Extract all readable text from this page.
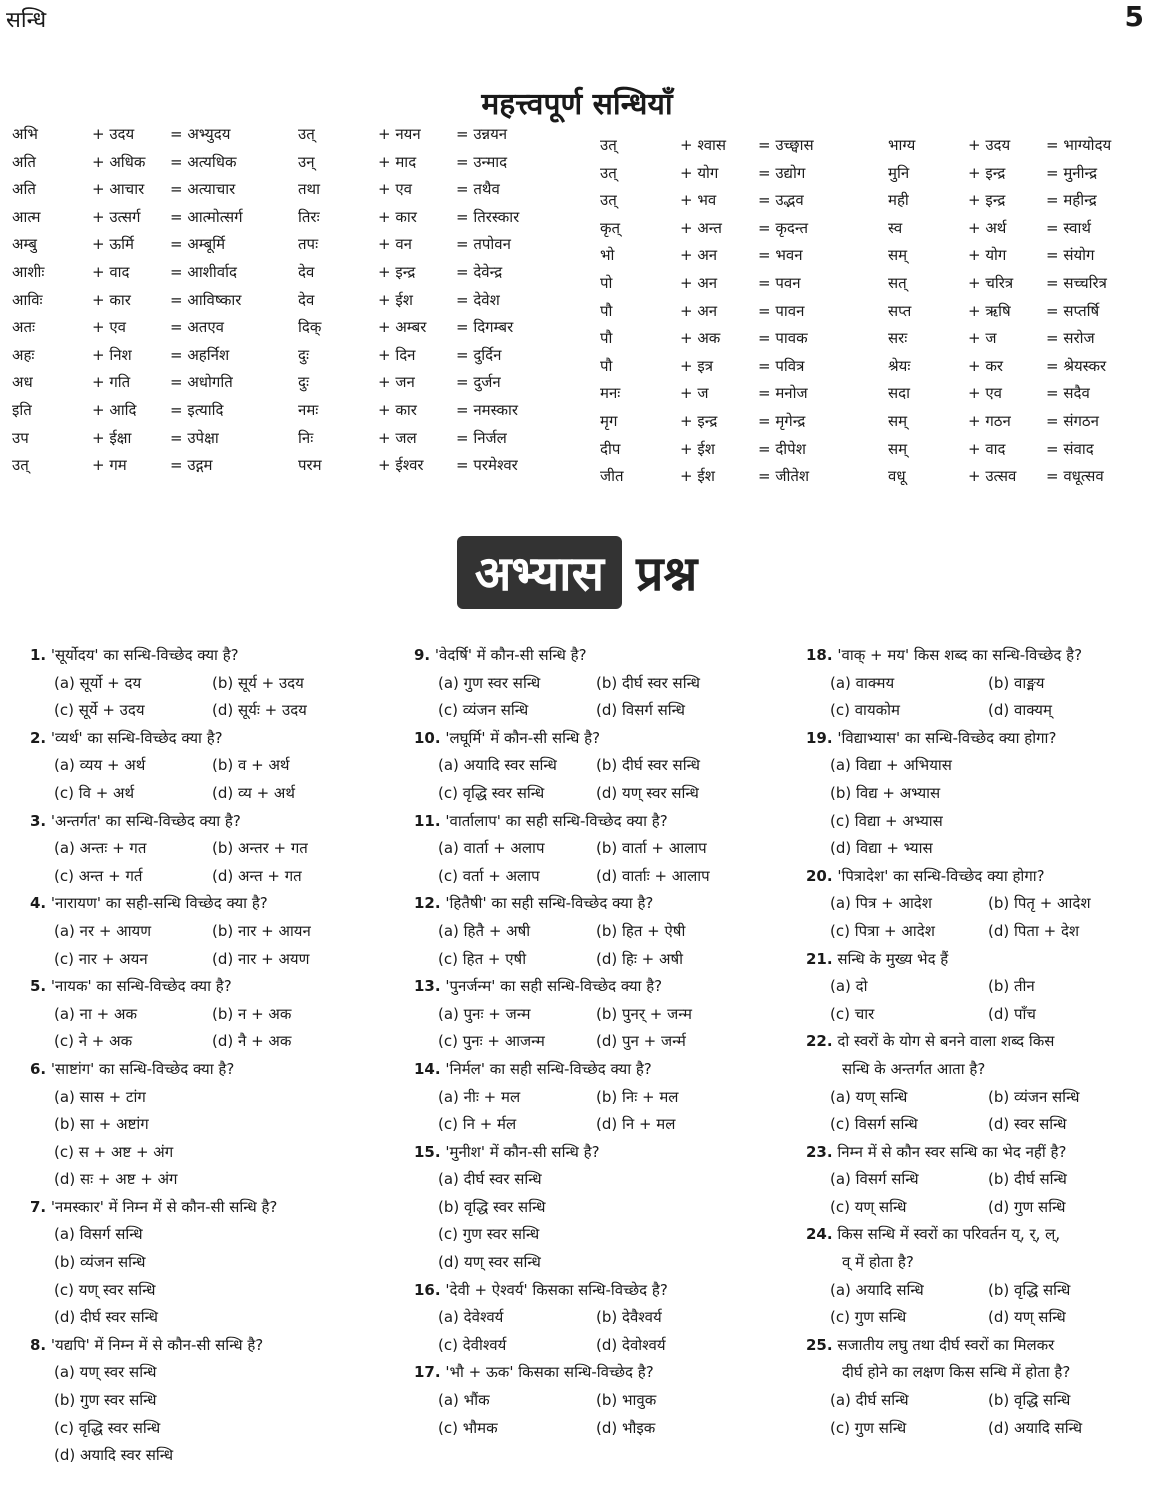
सन्धि	5
महत्त्वपूर्ण सन्धियाँ
अभि	+ उदय = अभ्युदय
अति	+ अधिक = अत्यधिक
अति	+ आचार = अत्याचार
आत्म	+ उत्सर्ग = आत्मोत्सर्ग
अम्बु	+ ऊर्मि = अम्बूर्मि
आशीः	+ वाद	= आशीर्वाद
आविः	+ कार	= आविष्कार
अतः	+ एव	= अतएव
अहः	+ निश	= अहर्निश
अध	+ गति	= अधोगति
इति	+ आदि = इत्यादि
उप	+ ईक्षा	= उपेक्षा
उत्	+ गम	= उद्गम
उत्	+ नयन = उन्नयन
उन्	+ माद	= उन्माद
तथा	+ एव	= तथैव
तिरः	+ कार	= तिरस्कार
तपः	+ वन	= तपोवन
देव	+ इन्द्र	= देवेन्द्र
देव	+ ईश	= देवेश
दिक्	+ अम्बर = दिगम्बर
दुः	+ दिन	= दुर्दिन
दुः	+ जन	= दुर्जन
नमः	+ कार	= नमस्कार
निः	+ जल	= निर्जल
परम	+ ईश्वर = परमेश्वर
उत्	+ श्वास = उच्छ्वास
उत्	+ योग	= उद्योग
उत्	+ भव	= उद्भव
कृत्	+ अन्त = कृदन्त
भो	+ अन	= भवन
पो	+ अन	= पवन
पौ	+ अन	= पावन
पौ	+ अक	= पावक
पौ	+ इत्र	= पवित्र
मनः	+ ज	= मनोज
मृग	+ इन्द्र	= मृगेन्द्र
दीप	+ ईश	= दीपेश
जीत	+ ईश	= जीतेश
भाग्य	+ उदय = भाग्योदय
मुनि	+ इन्द्र	= मुनीन्द्र
मही	+ इन्द्र	= महीन्द्र
स्व	+ अर्थ	= स्वार्थ
सम्	+ योग	= संयोग
सत्	+ चरित्र = सच्चरित्र
सप्त	+ ऋषि = सप्तर्षि
सरः	+ ज	= सरोज
श्रेयः	+ कर	= श्रेयस्कर
सदा	+ एव	= सदैव
सम्	+ गठन = संगठन
सम्	+ वाद	= संवाद
वधू	+ उत्सव = वधूत्सव
अभ्यास प्रश्न
1. 'सूर्योदय' का सन्धि-विच्छेद क्या है?
(a) सूर्यो + दय	(b) सूर्य + उदय
(c) सूर्ये + उदय	(d) सूर्यः + उदय
2. 'व्यर्थ' का सन्धि-विच्छेद क्या है?
(a) व्यय + अर्थ	(b) व + अर्थ
(c) वि + अर्थ	(d) व्य + अर्थ
3. 'अन्तर्गत' का सन्धि-विच्छेद क्या है?
(a) अन्तः + गत	(b) अन्तर + गत
(c) अन्त + गर्त	(d) अन्त + गत
4. 'नारायण' का सही-सन्धि विच्छेद क्या है?
(a) नर + आयण	(b) नार + आयन
(c) नार + अयन	(d) नार + अयण
5. 'नायक' का सन्धि-विच्छेद क्या है?
(a) ना + अक	(b) न + अक
(c) ने + अक	(d) नै + अक
6. 'साष्टांग' का सन्धि-विच्छेद क्या है?
(a) सास + टांग
(b) सा + अष्टांग
(c) स + अष्ट + अंग
(d) सः + अष्ट + अंग
7. 'नमस्कार' में निम्न में से कौन-सी सन्धि है?
(a) विसर्ग सन्धि
(b) व्यंजन सन्धि
(c) यण् स्वर सन्धि
(d) दीर्घ स्वर सन्धि
8. 'यद्यपि' में निम्न में से कौन-सी सन्धि है?
(a) यण् स्वर सन्धि
(b) गुण स्वर सन्धि
(c) वृद्धि स्वर सन्धि
(d) अयादि स्वर सन्धि
9. 'वेदर्षि' में कौन-सी सन्धि है?
(a) गुण स्वर सन्धि	(b) दीर्घ स्वर सन्धि
(c) व्यंजन सन्धि	(d) विसर्ग सन्धि
10. 'लघूर्मि' में कौन-सी सन्धि है?
(a) अयादि स्वर सन्धि	(b) दीर्घ स्वर सन्धि
(c) वृद्धि स्वर सन्धि	(d) यण् स्वर सन्धि
11. 'वार्तालाप' का सही सन्धि-विच्छेद क्या है?
(a) वार्ता + अलाप	(b) वार्ता + आलाप
(c) वर्ता + अलाप	(d) वार्ताः + आलाप
12. 'हितैषी' का सही सन्धि-विच्छेद क्या है?
(a) हितै + अषी	(b) हित + ऐषी
(c) हित + एषी	(d) हिः + अषी
13. 'पुनर्जन्म' का सही सन्धि-विच्छेद क्या है?
(a) पुनः + जन्म	(b) पुनर् + जन्म
(c) पुनः + आजन्म	(d) पुन + जर्न्म
14. 'निर्मल' का सही सन्धि-विच्छेद क्या है?
(a) नीः + मल	(b) निः + मल
(c) नि + र्मल	(d) नि + मल
15. 'मुनीश' में कौन-सी सन्धि है?
(a) दीर्घ स्वर सन्धि
(b) वृद्धि स्वर सन्धि
(c) गुण स्वर सन्धि
(d) यण् स्वर सन्धि
16. 'देवी + ऐश्वर्य' किसका सन्धि-विच्छेद है?
(a) देवेश्वर्य	(b) देवैश्वर्य
(c) देवीश्वर्य	(d) देवोश्वर्य
17. 'भौ + ऊक' किसका सन्धि-विच्छेद है?
(a) भौंक	(b) भावुक
(c) भौमक	(d) भौइक
18. 'वाक् + मय' किस शब्द का सन्धि-विच्छेद है?
(a) वाक्मय	(b) वाङ्मय
(c) वायकोम	(d) वाक्यम्
19. 'विद्याभ्यास' का सन्धि-विच्छेद क्या होगा?
(a) विद्या + अभियास
(b) विद्य + अभ्यास
(c) विद्या + अभ्यास
(d) विद्या + भ्यास
20. 'पित्रादेश' का सन्धि-विच्छेद क्या होगा?
(a) पित्र + आदेश	(b) पितृ + आदेश
(c) पित्रा + आदेश	(d) पिता + देश
21. सन्धि के मुख्य भेद हैं
(a) दो	(b) तीन
(c) चार	(d) पाँच
22. दो स्वरों के योग से बनने वाला शब्द किस
सन्धि के अन्तर्गत आता है?
(a) यण् सन्धि	(b) व्यंजन सन्धि
(c) विसर्ग सन्धि	(d) स्वर सन्धि
23. निम्न में से कौन स्वर सन्धि का भेद नहीं है?
(a) विसर्ग सन्धि	(b) दीर्घ सन्धि
(c) यण् सन्धि	(d) गुण सन्धि
24. किस सन्धि में स्वरों का परिवर्तन य्, र्, ल्,
व् में होता है?
(a) अयादि सन्धि	(b) वृद्धि सन्धि
(c) गुण सन्धि	(d) यण् सन्धि
25. सजातीय लघु तथा दीर्घ स्वरों का मिलकर
दीर्घ होने का लक्षण किस सन्धि में होता है?
(a) दीर्घ सन्धि	(b) वृद्धि सन्धि
(c) गुण सन्धि	(d) अयादि सन्धि
